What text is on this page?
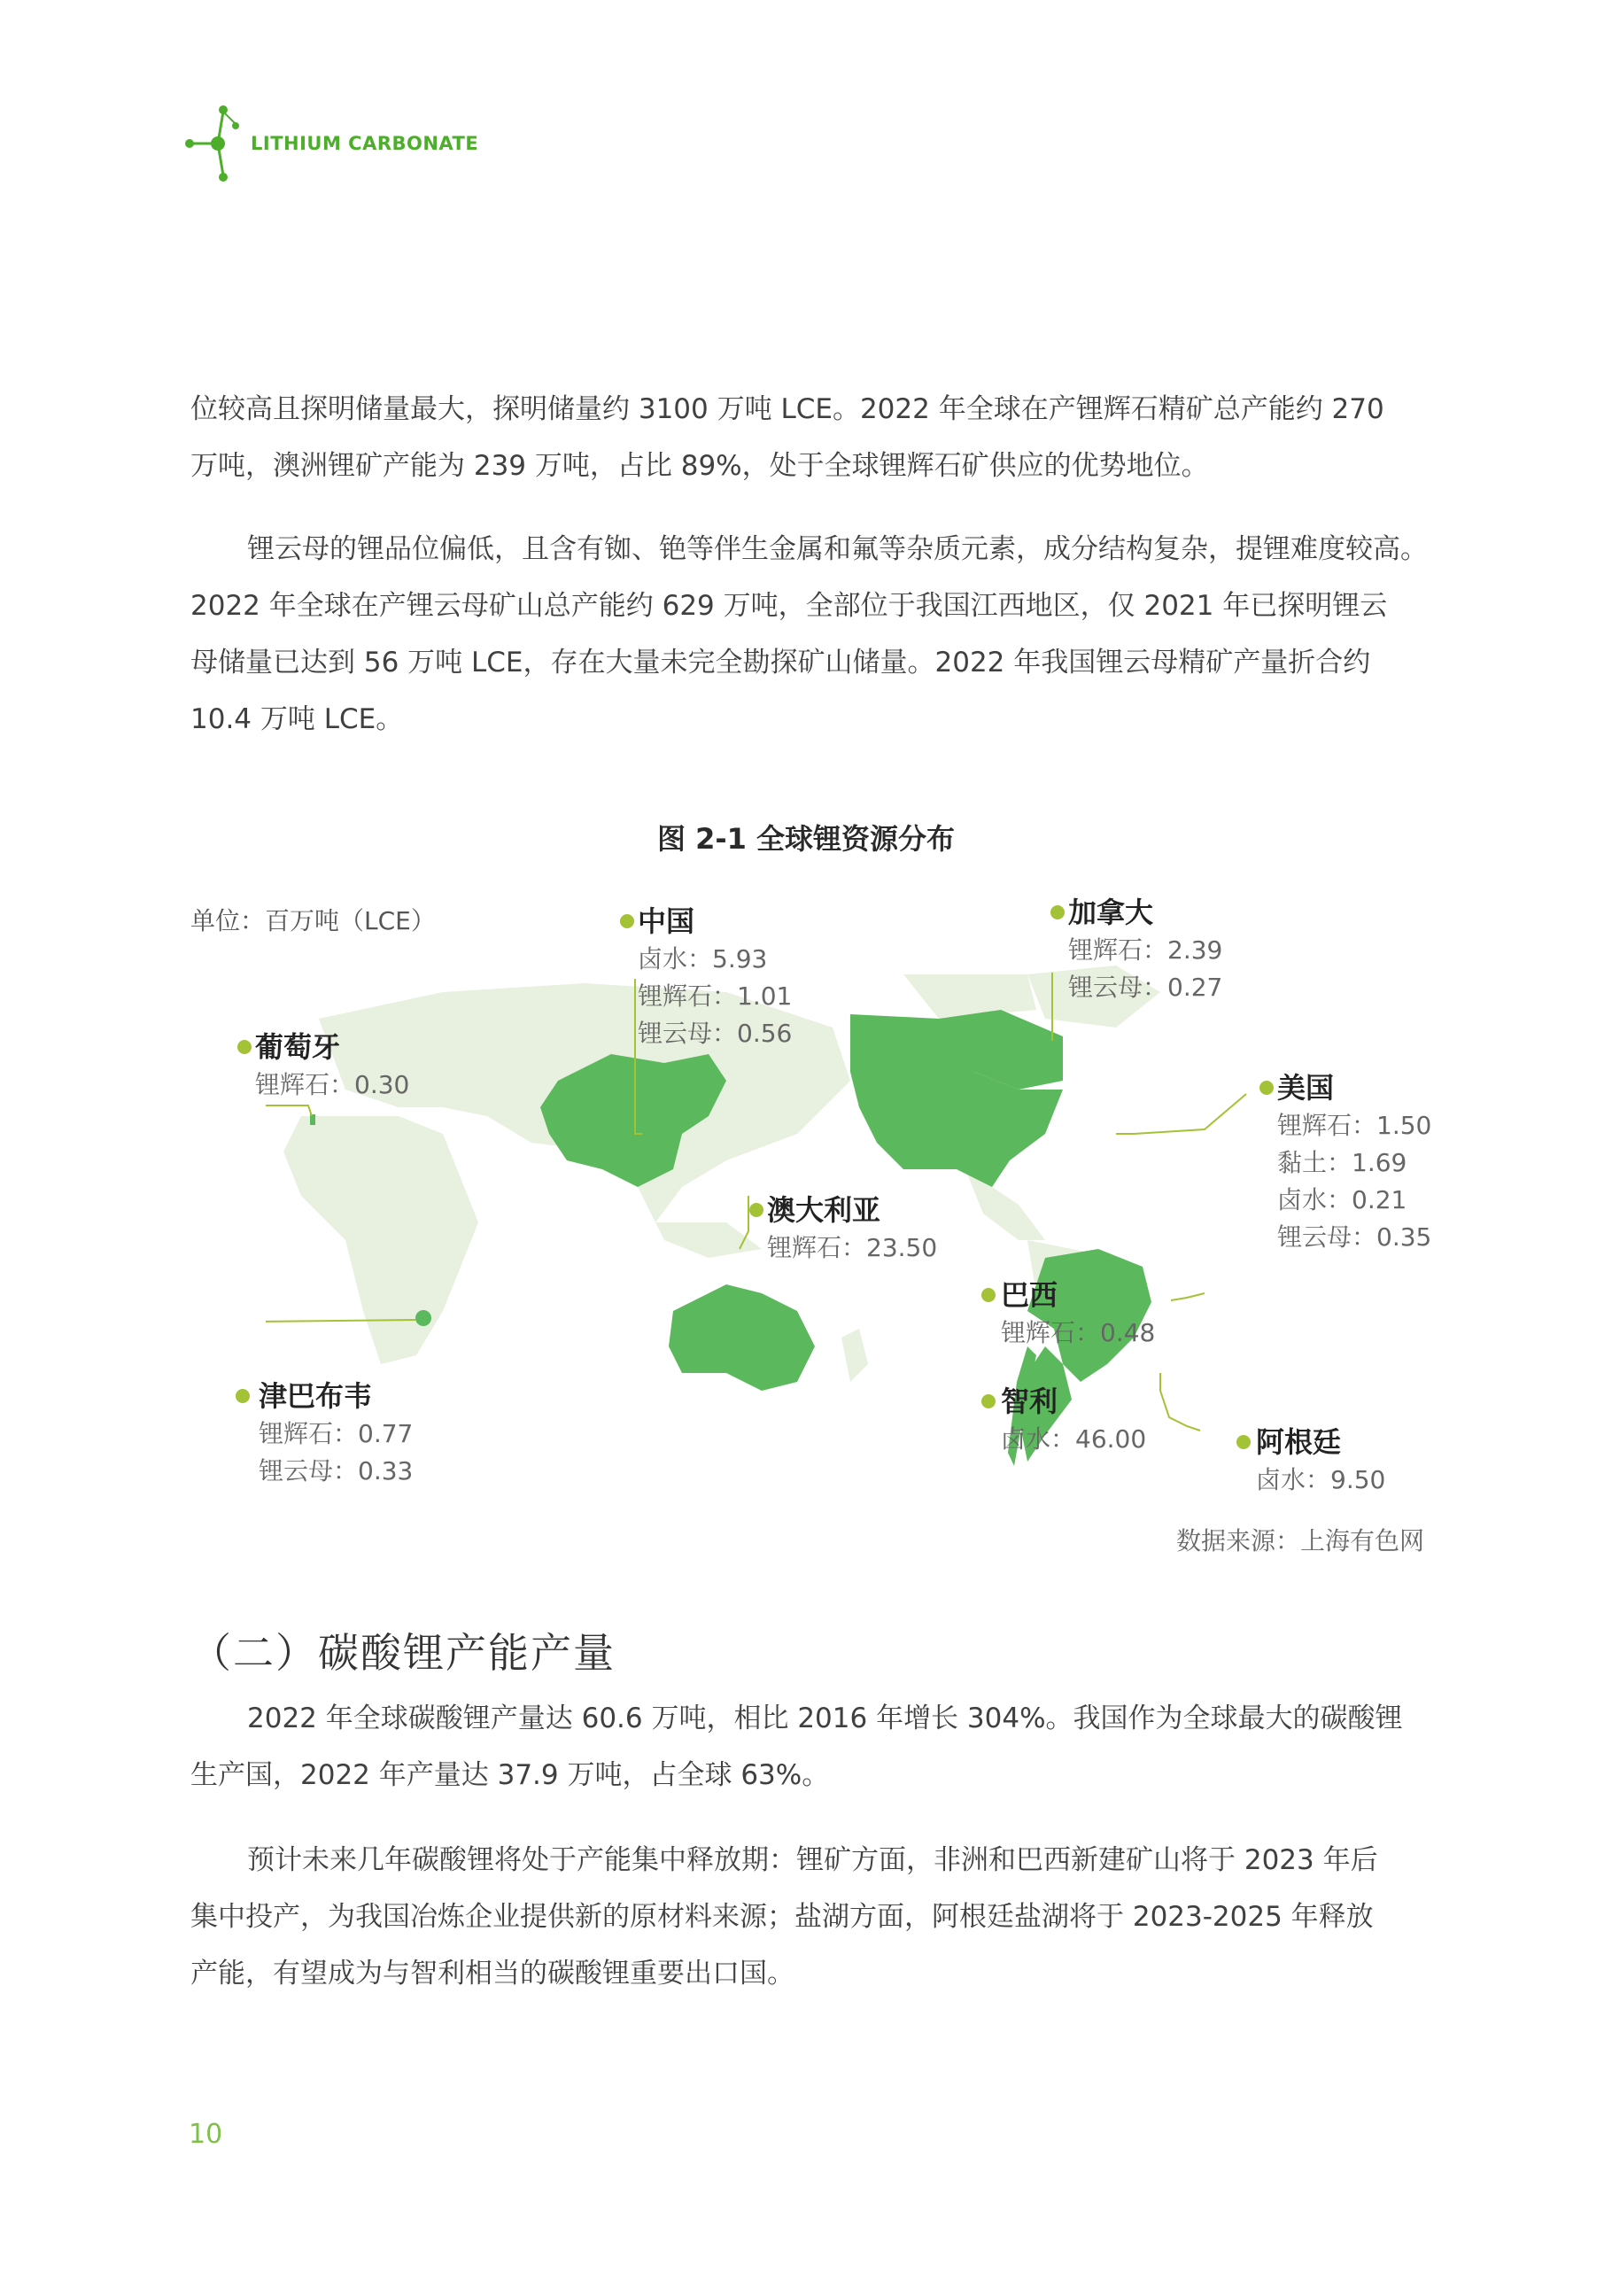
LITHIUM CARBONATE

位较高且探明储量最大，探明储量约 3100 万吨 LCE。2022 年全球在产锂辉石精矿总产能约 270
万吨，澳洲锂矿产能为 239 万吨，占比 89%，处于全球锂辉石矿供应的优势地位。

锂云母的锂品位偏低，且含有铷、铯等伴生金属和氟等杂质元素，成分结构复杂，提锂难度较高。
2022 年全球在产锂云母矿山总产能约 629 万吨，全部位于我国江西地区，仅 2021 年已探明锂云
母储量已达到 56 万吨 LCE，存在大量未完全勘探矿山储量。2022 年我国锂云母精矿产量折合约
10.4 万吨 LCE。

图 2-1 全球锂资源分布
单位：百万吨（LCE）	中国
卤水：5.93
锂辉石：1.01
锂云母：0.56
加拿大
锂辉石：2.39
锂云母：0.27
葡萄牙
锂辉石：0.30	美国
锂辉石：1.50
黏土：1.69
卤水：0.21
锂云母：0.35
澳大利亚
锂辉石：23.50
巴西
锂辉石：0.48
津巴布韦
锂辉石：0.77
锂云母：0.33
智利
卤水：46.00	阿根廷
卤水：9.50
数据来源：上海有色网
（二）碳酸锂产能产量

2022 年全球碳酸锂产量达 60.6 万吨，相比 2016 年增长 304%。我国作为全球最大的碳酸锂
生产国，2022 年产量达 37.9 万吨，占全球 63%。

预计未来几年碳酸锂将处于产能集中释放期：锂矿方面，非洲和巴西新建矿山将于 2023 年后
集中投产，为我国冶炼企业提供新的原材料来源；盐湖方面，阿根廷盐湖将于 2023-2025 年释放
产能，有望成为与智利相当的碳酸锂重要出口国。

10
